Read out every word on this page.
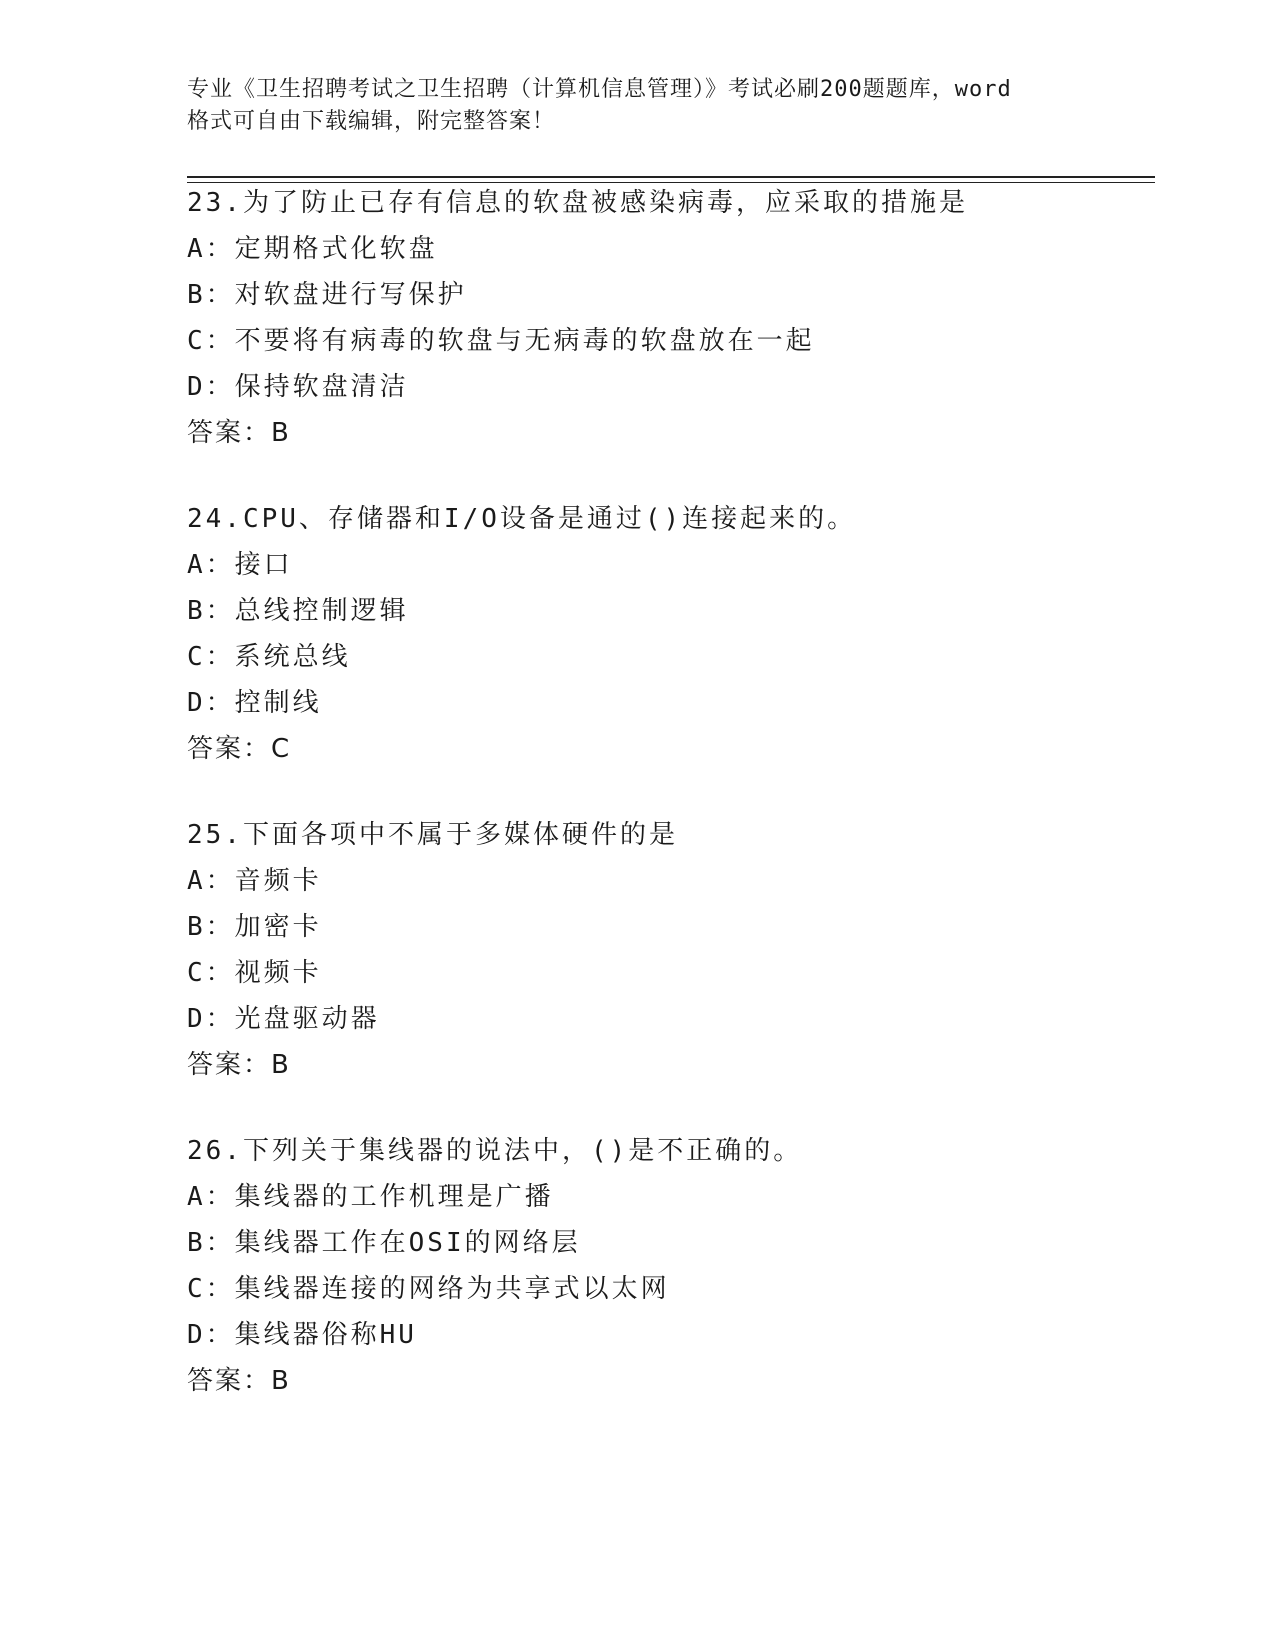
专业《卫生招聘考试之卫生招聘（计算机信息管理）》考试必刷200题题库，word
格式可自由下载编辑，附完整答案！
23.为了防止已存有信息的软盘被感染病毒，应采取的措施是
A：定期格式化软盘
B：对软盘进行写保护
C：不要将有病毒的软盘与无病毒的软盘放在一起
D：保持软盘清洁
答案：B
24.CPU、存储器和I/O设备是通过()连接起来的。
A：接口
B：总线控制逻辑
C：系统总线
D：控制线
答案：C
25.下面各项中不属于多媒体硬件的是
A：音频卡
B：加密卡
C：视频卡
D：光盘驱动器
答案：B
26.下列关于集线器的说法中，()是不正确的。
A：集线器的工作机理是广播
B：集线器工作在OSI的网络层
C：集线器连接的网络为共享式以太网
D：集线器俗称HU
答案：B
